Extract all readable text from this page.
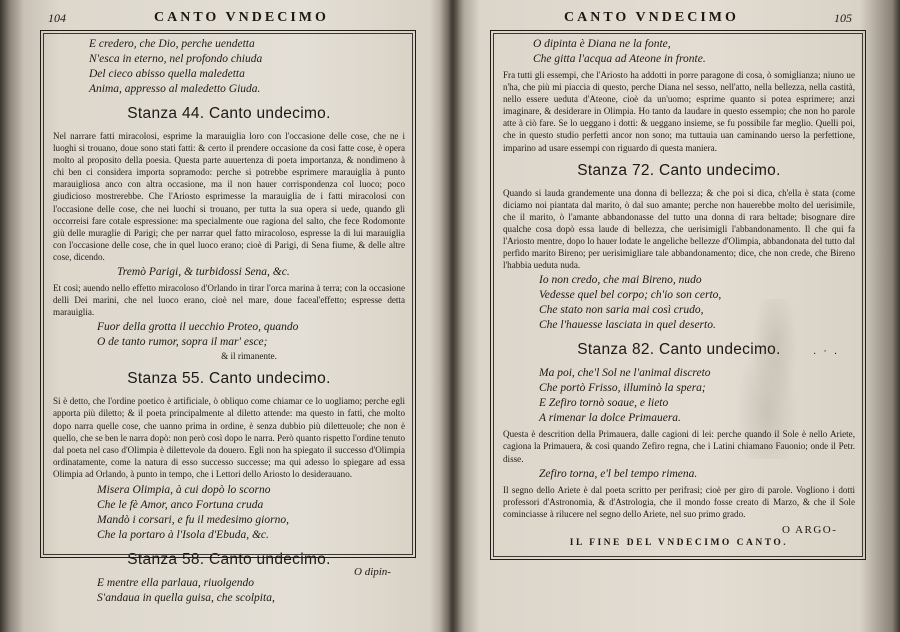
104	CANTO VNDECIMO
E credero, che Dio, perche uendetta
N'esca in eterno, nel profondo chiuda
Del cieco abisso quella maledetta
Anima, appresso al maledetto Giuda.
Stanza 44. Canto undecimo.
Nel narrare fatti miracolosi, esprime la marauiglia loro con l'occasione delle cose, che ne i luoghi si trouano, doue sono stati fatti: & certo il prendere occasione da cosi fatte cose, è opera molto al proposito della poesia. Questa parte auuertenza di poeta importanza, & nondimeno à chi ben ci considera importa sopramodo: perche si potrebbe esprimere marauiglia à punto marauigliosa anco con altra occasione, ma il non hauer corrispondenza col luoco; poco giudicioso mostrerebbe. Che l'Ariosto esprimesse la marauiglia de i fatti miracolosi con l'occasione delle cose, che nei luochi si trouano, per tutta la sua opera si uede, quando gli occorreisi fare cotale espressione: ma specialmente oue ragiona del salto, che fece Rodomonte giù delle muraglie di Parigi; che per narrar quel fatto miracoloso, espresse la di lui marauiglia con l'occasione delle cose, che in quel luoco erano; cioè di Parigi, di Sena fiume, & delle altre cose, dicendo.
Tremò Parigi, & turbidossi Sena, &c.
Et così; auendo nello effetto miracoloso d'Orlando in tirar l'orca marina à terra; con la occasione delli Dei marini, che nel luoco erano, cioè nel mare, doue faceal'effetto; espresse detta marauiglia.
Fuor della grotta il uecchio Proteo, quando
O de tanto rumor, sopra il mar' esce;
& il rimanente.
Stanza 55. Canto undecimo.
Si è detto, che l'ordine poetico è artificiale, ò obliquo come chiamar ce lo uogliamo; perche egli apporta più diletto; & il poeta principalmente al diletto attende: ma questo in fatti, che molto dopo narra quelle cose, che uanno prima in ordine, è senza dubbio più diletteuole; che non è quello, che se ben le narra dopò: non però così dopo le narra. Però quanto rispetto l'ordine tenuto dal poeta nel caso d'Olimpia è dilettevole da douero. Egli non ha spiegato il successo d'Olimpia ordinatamente, come la natura di esso successo successe; ma qui adesso lo spiegare ad essa Olimpia ad Orlando, à punto in tempo, che i Lettori dello Ariosto lo desiderauano.
Misera Olimpia, à cui dopò lo scorno
Che le fè Amor, anco Fortuna cruda
Mandò i corsari, e fu il medesimo giorno,
Che la portaro à l'Isola d'Ebuda, &c.
Stanza 58. Canto undecimo.
E mentre ella parlaua, riuolgendo
S'andaua in quella guisa, che scolpita,
O dipin-
CANTO VNDECIMO	105
O dipinta è Diana ne la fonte,
Che gitta l'acqua ad Ateone in fronte.
Fra tutti gli essempi, che l'Ariosto ha addotti in porre paragone di cosa, ò somiglianza; niuno ue n'ha, che più mi piaccia di questo, perche Diana nel sesso, nell'atto, nella bellezza, nella castità, nello essere ueduta d'Ateone, cioè da un'uomo; esprime quanto si potea esprimere; anzi imaginare, & desiderare in Olimpia. Ho tanto da laudare in questo essempio; che non ho parole atte à ciò fare. Se lo ueggano i dotti: & ueggano insieme, se fu possibile far meglio. Quelli poi, che in questo studio perfetti ancor non sono; ma tuttauia uan caminando uerso la perfettione, imparino ad usare essempi con riguardo di questa maniera.
Stanza 72. Canto undecimo.
Quando si lauda grandemente una donna di bellezza; & che poi si dica, ch'ella è stata (come diciamo noi piantata dal marito, ò dal suo amante; perche non hauerebbe molto del uerisimile, che il marito, ò l'amante abbandonasse del tutto una donna di rara beltade; bisognare dire qualche cosa dopò essa laude di bellezza, che uerisimigli l'abbandonamento. Il che qui fa l'Ariosto mentre, dopo lo hauer lodate le angeliche bellezze d'Olimpia, abbandonata del tutto dal perfido marito Bireno; per uerisimigliare tale abbandonamento; dice, che non crede, che Bireno l'habbia ueduta nuda.
Io non credo, che mai Bireno, nudo
Vedesse quel bel corpo; ch'io son certo,
Che stato non saria mai così crudo,
Che l'hauesse lasciata in quel deserto.
Stanza 82. Canto undecimo.	. · .
Ma poi, che'l Sol ne l'animal discreto
Che portò Frisso, illuminò la spera;
E Zefiro tornò soaue, e lieto
A rimenar la dolce Primauera.
Questa è descrition della Primauera, dalle cagioni di lei: perche quando il Sole è nello Ariete, cagiona la Primauera, & così quando Zefiro regna, che i Latini chiamano Fauonio; onde il Petr. disse.
Zefiro torna, e'l bel tempo rimena.
Il segno dello Ariete è dal poeta scritto per perifrasi; cioè per giro di parole. Vogliono i dotti professori d'Astronomia, & d'Astrologia, che il mondo fosse creato di Marzo, & che il Sole cominciasse à rilucere nel segno dello Ariete, nel suo primo grado.
IL FINE DEL VNDECIMO CANTO.
O ARGO-
